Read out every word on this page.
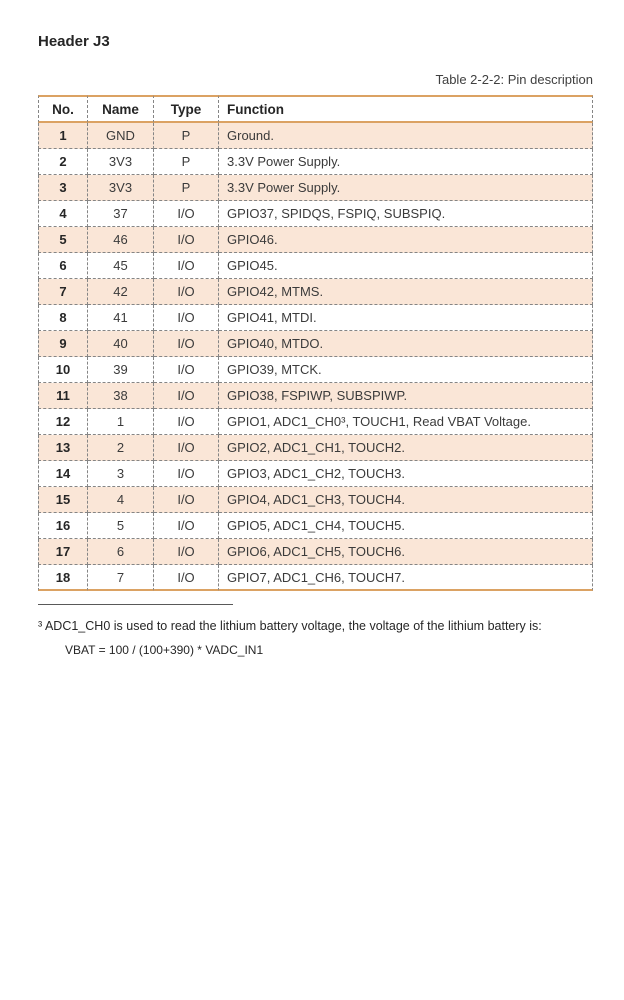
Header J3
Table 2-2-2: Pin description
No.	Name	Type	Function
1	GND	P	Ground.
2	3V3	P	3.3V Power Supply.
3	3V3	P	3.3V Power Supply.
4	37	I/O	GPIO37, SPIDQS, FSPIQ, SUBSPIQ.
5	46	I/O	GPIO46.
6	45	I/O	GPIO45.
7	42	I/O	GPIO42, MTMS.
8	41	I/O	GPIO41, MTDI.
9	40	I/O	GPIO40, MTDO.
10	39	I/O	GPIO39, MTCK.
11	38	I/O	GPIO38, FSPIWP, SUBSPIWP.
12	1	I/O	GPIO1, ADC1_CH0³, TOUCH1, Read VBAT Voltage.
13	2	I/O	GPIO2, ADC1_CH1, TOUCH2.
14	3	I/O	GPIO3, ADC1_CH2, TOUCH3.
15	4	I/O	GPIO4, ADC1_CH3, TOUCH4.
16	5	I/O	GPIO5, ADC1_CH4, TOUCH5.
17	6	I/O	GPIO6, ADC1_CH5, TOUCH6.
18	7	I/O	GPIO7, ADC1_CH6, TOUCH7.
³ ADC1_CH0 is used to read the lithium battery voltage, the voltage of the lithium battery is:
VBAT = 100 / (100+390) * VADC_IN1
